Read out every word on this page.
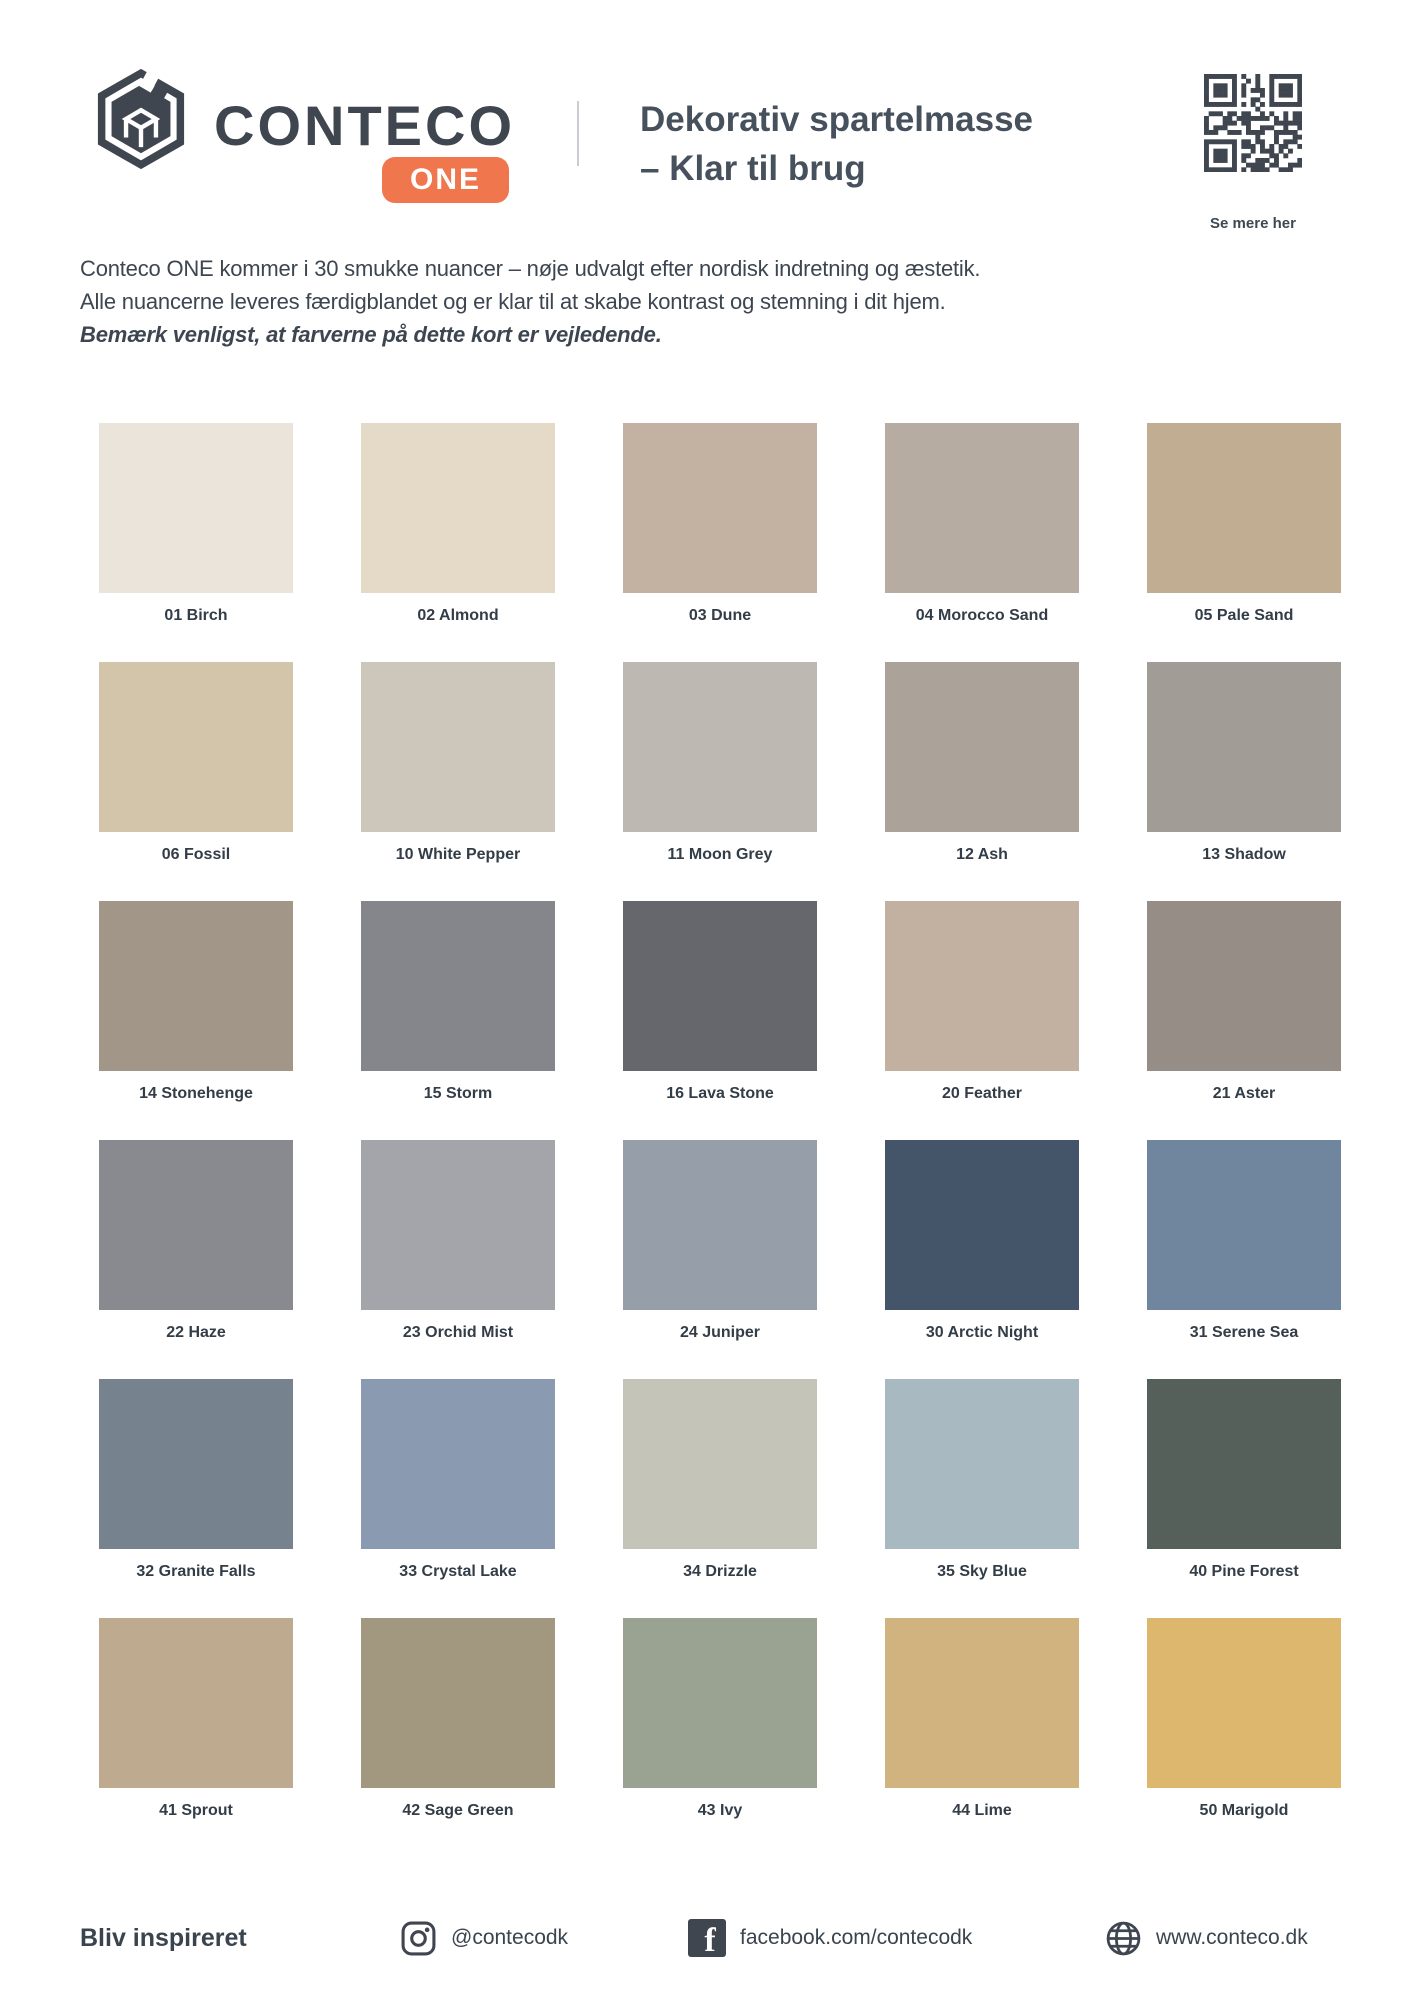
CONTECO
ONE
Dekorativ spartelmasse
– Klar til brug
Se mere her

Conteco ONE kommer i 30 smukke nuancer – nøje udvalgt efter nordisk indretning og æstetik.
Alle nuancerne leveres færdigblandet og er klar til at skabe kontrast og stemning i dit hjem.
Bemærk venligst, at farverne på dette kort er vejledende.

01 Birch	02 Almond	03 Dune	04 Morocco Sand	05 Pale Sand
06 Fossil	10 White Pepper	11 Moon Grey	12 Ash	13 Shadow
14 Stonehenge	15 Storm	16 Lava Stone	20 Feather	21 Aster
22 Haze	23 Orchid Mist	24 Juniper	30 Arctic Night	31 Serene Sea
32 Granite Falls	33 Crystal Lake	34 Drizzle	35 Sky Blue	40 Pine Forest
41 Sprout	42 Sage Green	43 Ivy	44 Lime	50 Marigold
Bliv inspireret	@contecodk	f facebook.com/contecodk	www.conteco.dk
